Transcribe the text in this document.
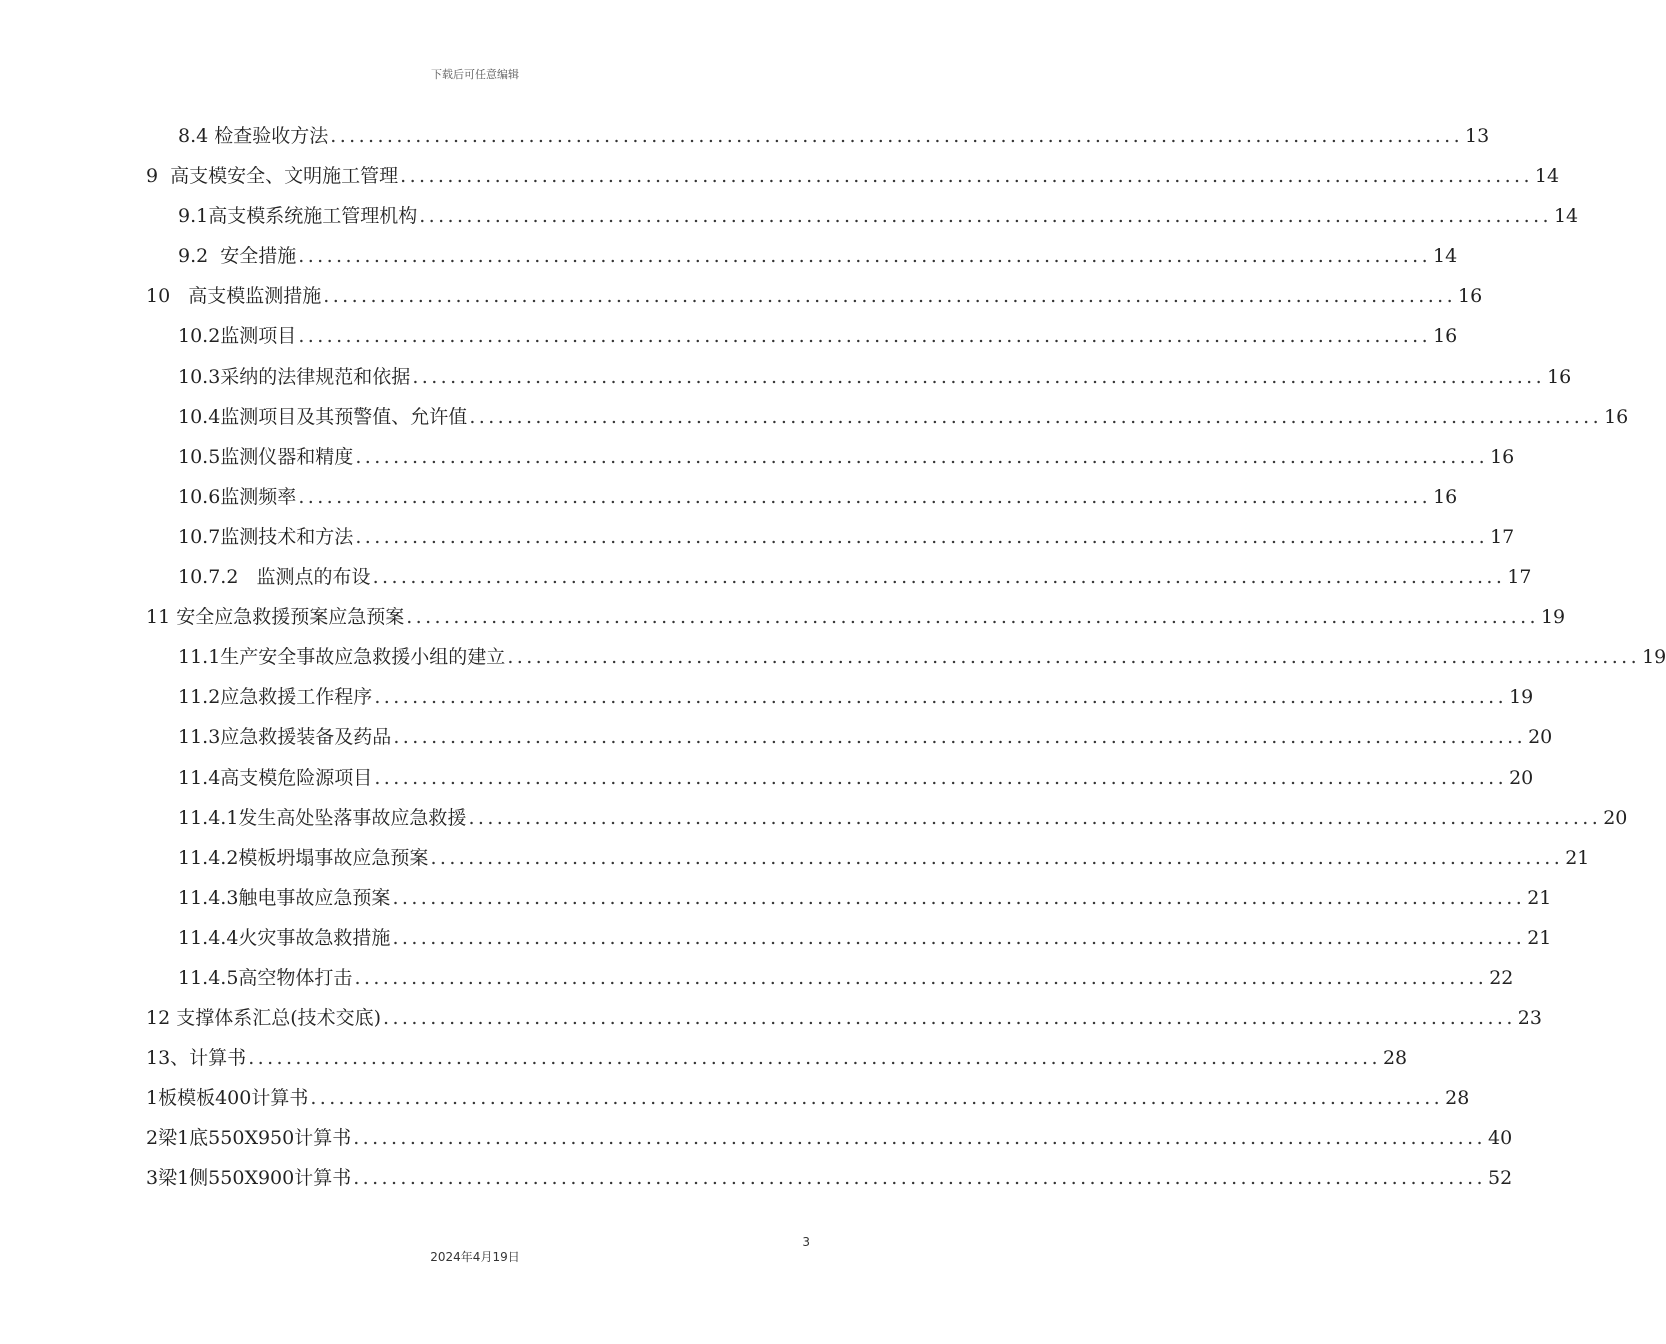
下载后可任意编辑
8.4 检查验收方法 ........................................................................................................................ 13
9  高支模安全、文明施工管理 ........................................................................................................................ 14
9.1高支模系统施工管理机构 ........................................................................................................................ 14
9.2  安全措施 ........................................................................................................................ 14
10   高支模监测措施 ........................................................................................................................ 16
10.2监测项目 ........................................................................................................................ 16
10.3采纳的法律规范和依据 ........................................................................................................................ 16
10.4监测项目及其预警值、允许值 ........................................................................................................................ 16
10.5监测仪器和精度 ........................................................................................................................ 16
10.6监测频率 ........................................................................................................................ 16
10.7监测技术和方法 ........................................................................................................................ 17
10.7.2   监测点的布设 ........................................................................................................................ 17
11 安全应急救援预案应急预案 ........................................................................................................................ 19
11.1生产安全事故应急救援小组的建立 ........................................................................................................................ 19
11.2应急救援工作程序 ........................................................................................................................ 19
11.3应急救援装备及药品 ........................................................................................................................ 20
11.4高支模危险源项目 ........................................................................................................................ 20
11.4.1发生高处坠落事故应急救援 ........................................................................................................................ 20
11.4.2模板坍塌事故应急预案 ........................................................................................................................ 21
11.4.3触电事故应急预案 ........................................................................................................................ 21
11.4.4火灾事故急救措施 ........................................................................................................................ 21
11.4.5高空物体打击 ........................................................................................................................ 22
12 支撑体系汇总(技术交底) ........................................................................................................................ 23
13、计算书 ........................................................................................................................ 28
1板模板400计算书 ........................................................................................................................ 28
2梁1底550X950计算书 ........................................................................................................................ 40
3梁1侧550X900计算书 ........................................................................................................................ 52
3
2024年4月19日
